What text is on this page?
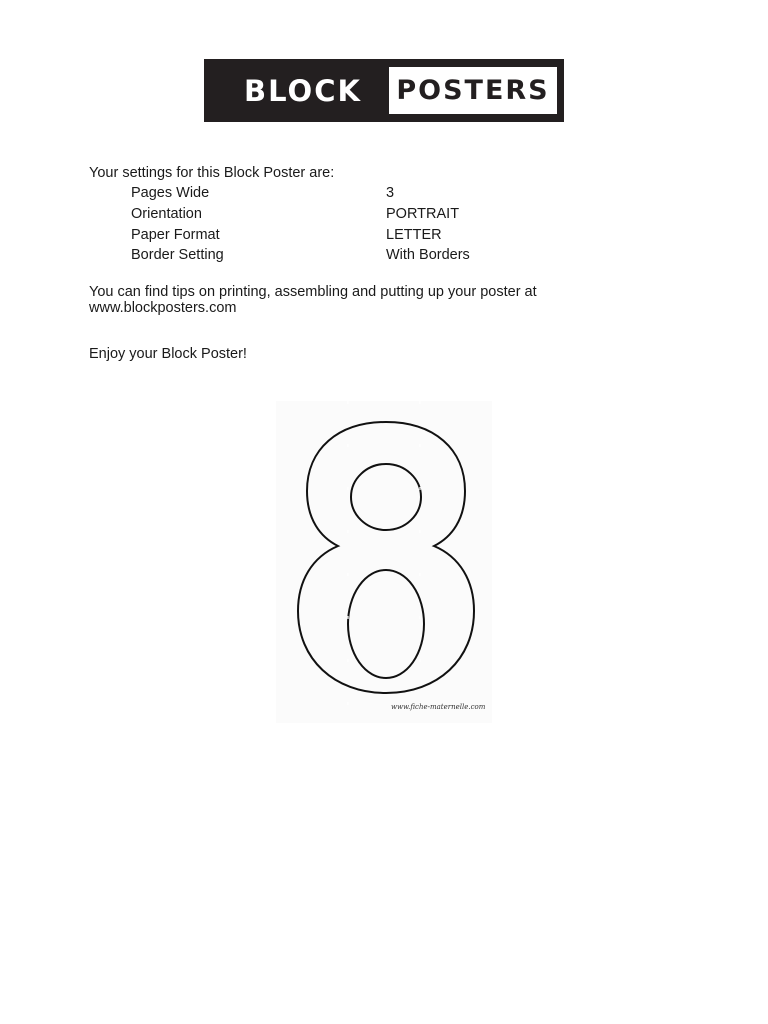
BLOCK POSTERS
Your settings for this Block Poster are:
Pages Wide	3
Orientation	PORTRAIT
Paper Format	LETTER
Border Setting	With Borders
You can find tips on printing, assembling and putting up your poster at
www.blockposters.com
Enjoy your Block Poster!
www.fiche-maternelle.com
